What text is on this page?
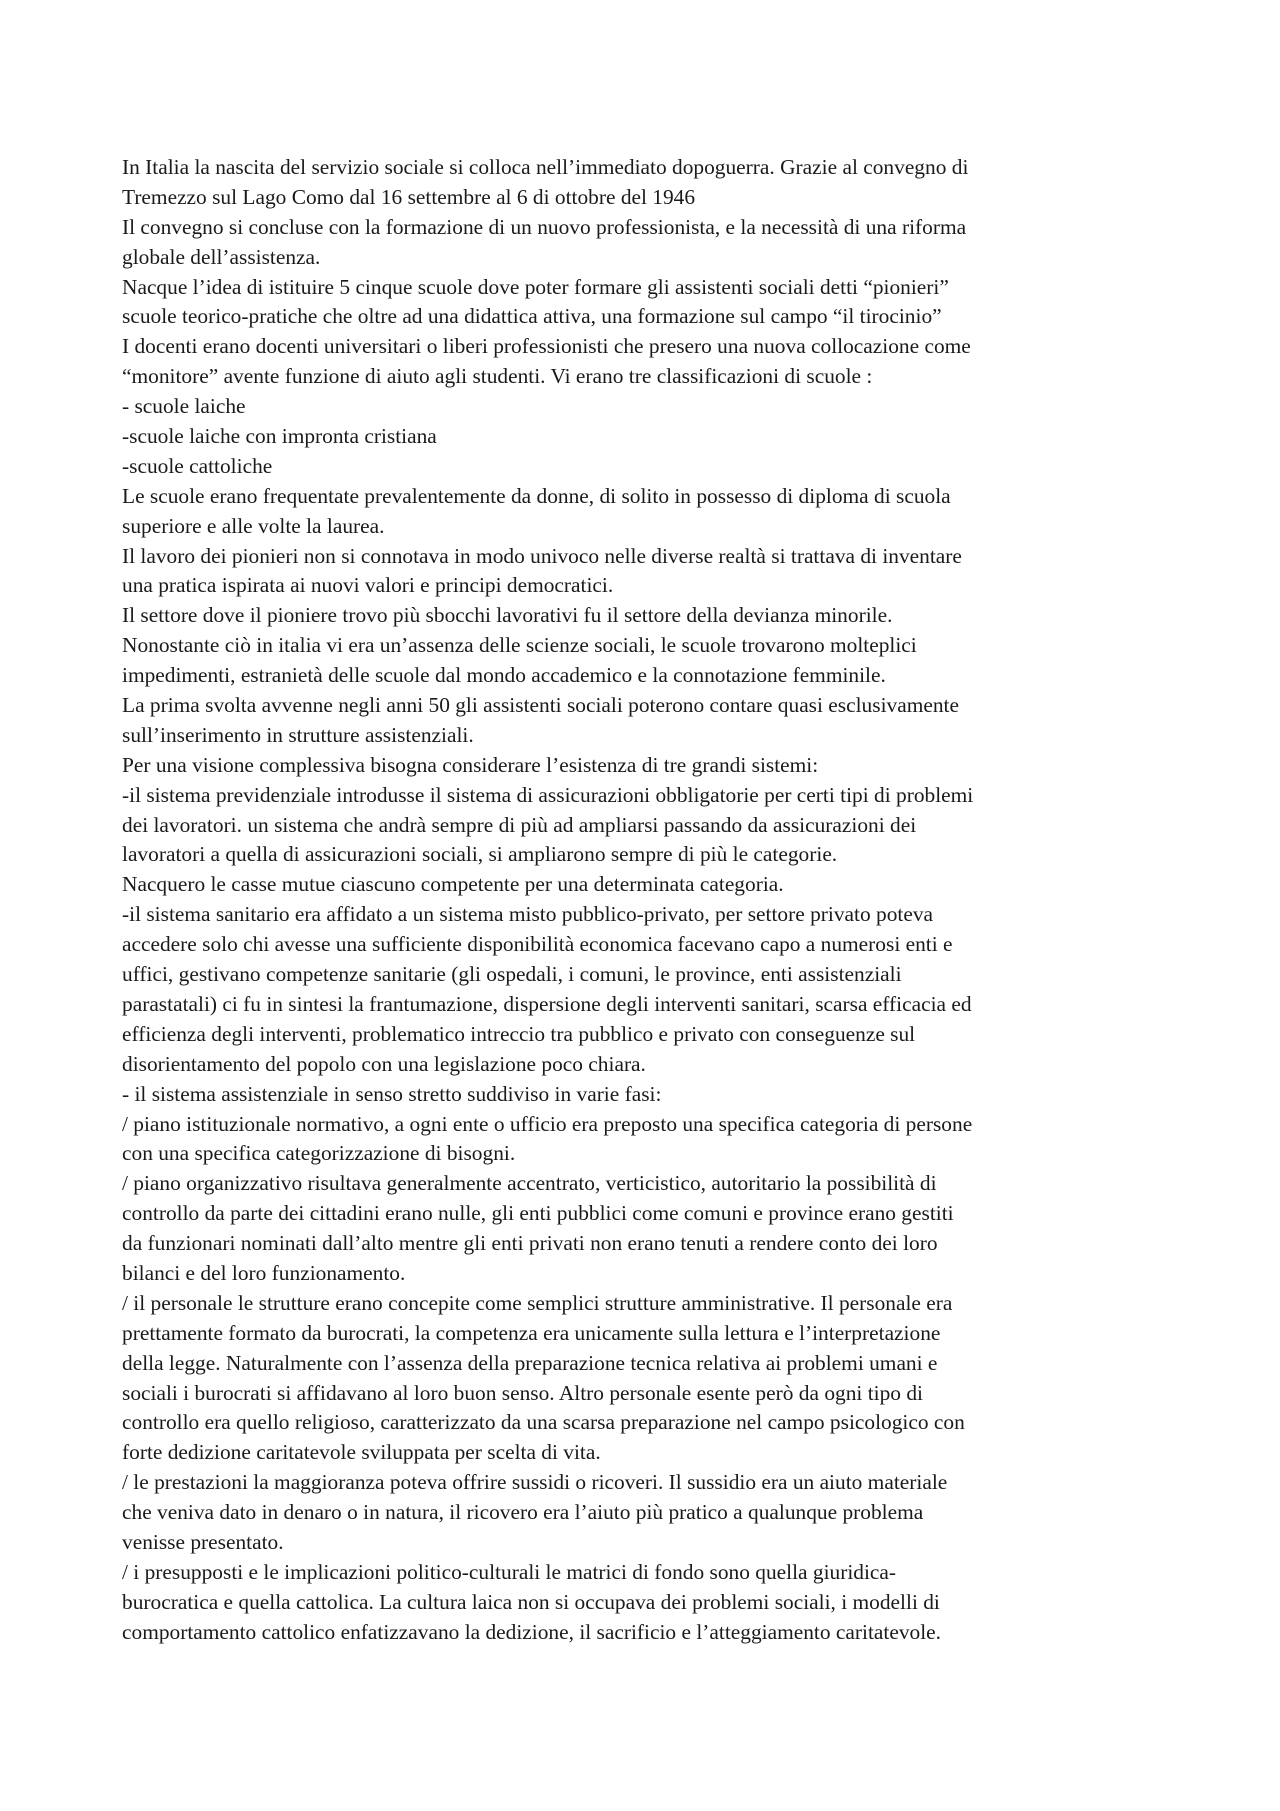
In Italia la nascita del servizio sociale si colloca nell’immediato dopoguerra. Grazie al convegno di
Tremezzo sul Lago Como dal 16 settembre al 6 di ottobre del 1946
Il convegno si concluse con la formazione di un nuovo professionista, e la necessità di una riforma
globale dell’assistenza.
Nacque l’idea di istituire 5 cinque scuole dove poter formare gli assistenti sociali detti “pionieri”
scuole teorico-pratiche che oltre ad una didattica attiva, una formazione sul campo “il tirocinio”
I docenti erano docenti universitari o liberi professionisti che presero una nuova collocazione come
“monitore” avente funzione di aiuto agli studenti. Vi erano tre classificazioni di scuole :
- scuole laiche
-scuole laiche con impronta cristiana
-scuole cattoliche
Le scuole erano frequentate prevalentemente da donne, di solito in possesso di diploma di scuola
superiore e alle volte la laurea.
Il lavoro dei pionieri non si connotava in modo univoco nelle diverse realtà si trattava di inventare
una pratica ispirata ai nuovi valori e principi democratici.
Il settore dove il pioniere trovo più sbocchi lavorativi fu il settore della devianza minorile.
Nonostante ciò in italia vi era un’assenza delle scienze sociali, le scuole trovarono molteplici
impedimenti, estranietà delle scuole dal mondo accademico e la connotazione femminile.
La prima svolta avvenne negli anni 50 gli assistenti sociali poterono contare quasi esclusivamente
sull’inserimento in strutture assistenziali.
Per una visione complessiva bisogna considerare l’esistenza di tre grandi sistemi:
-il sistema previdenziale introdusse il sistema di assicurazioni obbligatorie per certi tipi di problemi
dei lavoratori. un sistema che andrà sempre di più ad ampliarsi passando da assicurazioni dei
lavoratori a quella di assicurazioni sociali, si ampliarono sempre di più le categorie.
Nacquero le casse mutue ciascuno competente per una determinata categoria.
-il sistema sanitario era affidato a un sistema misto pubblico-privato, per settore privato poteva
accedere solo chi avesse una sufficiente disponibilità economica facevano capo a numerosi enti e
uffici, gestivano competenze sanitarie (gli ospedali, i comuni, le province, enti assistenziali
parastatali) ci fu in sintesi la frantumazione, dispersione degli interventi sanitari, scarsa efficacia ed
efficienza degli interventi, problematico intreccio tra pubblico e privato con conseguenze sul
disorientamento del popolo con una legislazione poco chiara.
- il sistema assistenziale in senso stretto suddiviso in varie fasi:
/ piano istituzionale normativo, a ogni ente o ufficio era preposto una specifica categoria di persone
con una specifica categorizzazione di bisogni.
/ piano organizzativo risultava generalmente accentrato, verticistico, autoritario la possibilità di
controllo da parte dei cittadini erano nulle, gli enti pubblici come comuni e province erano gestiti
da funzionari nominati dall’alto mentre gli enti privati non erano tenuti a rendere conto dei loro
bilanci e del loro funzionamento.
/ il personale le strutture erano concepite come semplici strutture amministrative. Il personale era
prettamente formato da burocrati, la competenza era unicamente sulla lettura e l’interpretazione
della legge. Naturalmente con l’assenza della preparazione tecnica relativa ai problemi umani e
sociali i burocrati si affidavano al loro buon senso. Altro personale esente però da ogni tipo di
controllo era quello religioso, caratterizzato da una scarsa preparazione nel campo psicologico con
forte dedizione caritatevole sviluppata per scelta di vita.
/ le prestazioni la maggioranza poteva offrire sussidi o ricoveri. Il sussidio era un aiuto materiale
che veniva dato in denaro o in natura, il ricovero era l’aiuto più pratico a qualunque problema
venisse presentato.
/ i presupposti e le implicazioni politico-culturali le matrici di fondo sono quella giuridica-
burocratica e quella cattolica. La cultura laica non si occupava dei problemi sociali, i modelli di
comportamento cattolico enfatizzavano la dedizione, il sacrificio e l’atteggiamento caritatevole.
